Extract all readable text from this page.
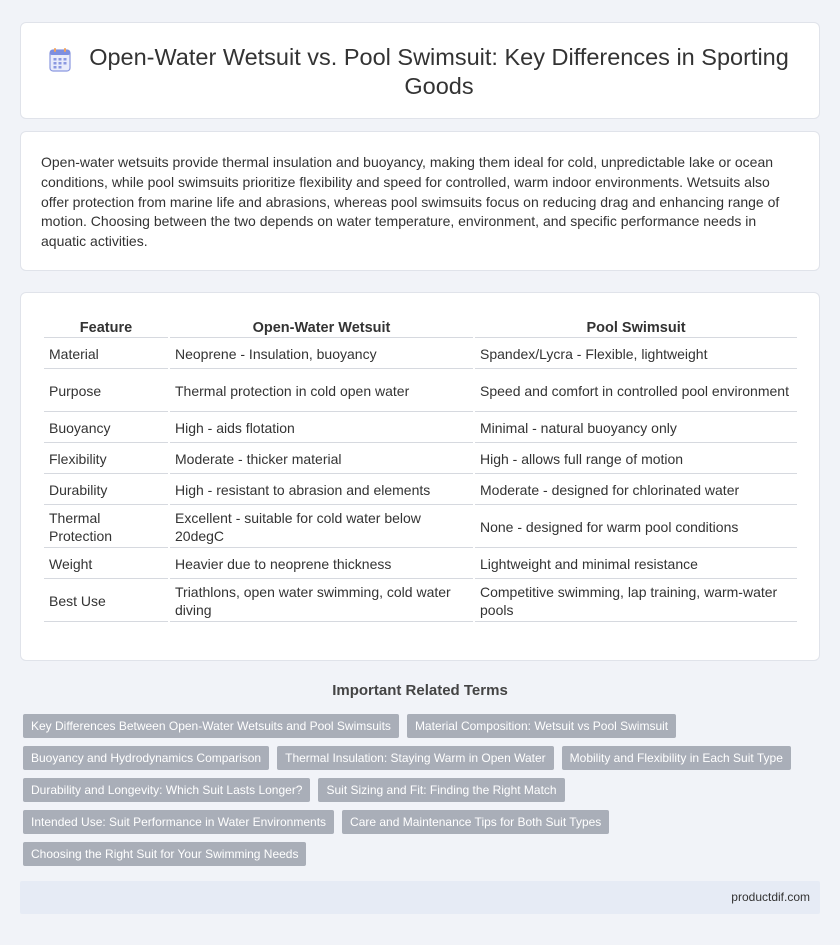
Open-Water Wetsuit vs. Pool Swimsuit: Key Differences in Sporting Goods

Open-water wetsuits provide thermal insulation and buoyancy, making them ideal for cold, unpredictable lake or ocean conditions, while pool swimsuits prioritize flexibility and speed for controlled, warm indoor environments. Wetsuits also offer protection from marine life and abrasions, whereas pool swimsuits focus on reducing drag and enhancing range of motion. Choosing between the two depends on water temperature, environment, and specific performance needs in aquatic activities.

Feature	Open-Water Wetsuit	Pool Swimsuit
Material	Neoprene - Insulation, buoyancy	Spandex/Lycra - Flexible, lightweight
Purpose	Thermal protection in cold open water	Speed and comfort in controlled pool environment
Buoyancy	High - aids flotation	Minimal - natural buoyancy only
Flexibility	Moderate - thicker material	High - allows full range of motion
Durability	High - resistant to abrasion and elements	Moderate - designed for chlorinated water
Thermal Protection	Excellent - suitable for cold water below 20degC	None - designed for warm pool conditions
Weight	Heavier due to neoprene thickness	Lightweight and minimal resistance
Best Use	Triathlons, open water swimming, cold water diving	Competitive swimming, lap training, warm-water pools
Important Related Terms
Key Differences Between Open-Water Wetsuits and Pool Swimsuits	Material Composition: Wetsuit vs Pool Swimsuit
Buoyancy and Hydrodynamics Comparison	Thermal Insulation: Staying Warm in Open Water	Mobility and Flexibility in Each Suit Type
Durability and Longevity: Which Suit Lasts Longer?	Suit Sizing and Fit: Finding the Right Match
Intended Use: Suit Performance in Water Environments	Care and Maintenance Tips for Both Suit Types
Choosing the Right Suit for Your Swimming Needs
productdif.com
